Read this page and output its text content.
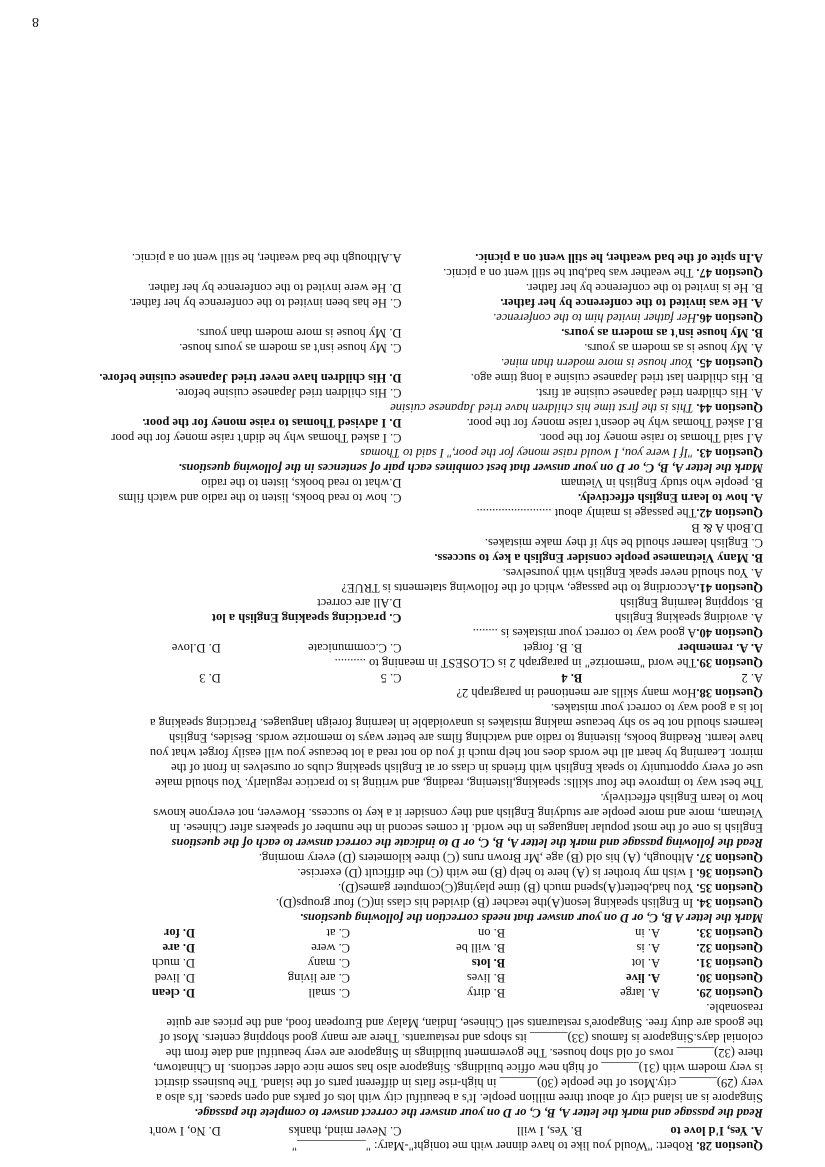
Question 28. Robert: "Would you like to have dinner with me tonight"-Mary: "___________"
A. Yes, I'd love to
B. Yes, I will
C. Never mind, thanks
D. No, I won't
Read the passage and mark the letter A, B, C, or D on your answer the correct answer to complete the passage.
Singapore is an island city of about three million people. It's a beautiful city with lots of parks and open spaces. It's also a
very (29)______ city.Most of the people (30)______ in high-rise flats in different parts of the island. The business district
is very modern with (31)______ of high new office buildings. Singapore also has some nice older sections. In Chinatown,
there (32)______ rows of old shop houses. The government buildings in Singapore are very beautiful and date from the
colonial days.Singapore is famous (33)______ its shops and restaurants. There are many good shopping centers. Most of
the goods are duty free. Singapore's restaurants sell Chinese, Indian, Malay and European food, and the prices are quite
reasonable.
Question 29.
A. large
B. dirty
C. small
D. clean
Question 30.
A. live
B. lives
C. are living
D. lived
Question 31.
A. lot
B. lots
C. many
D. much
Question 32.
A. is
B. will be
C. were
D. are
Question 33.
A. in
B. on
C. at
D. for
Mark the letter A B, C, or D on your answer that needs correction the following questions.
Question 34. In English speaking leson(A)the teacher (B) divided his class in(C) four groups(D).
Question 35. You had,better(A)spend much (B) time playing(C)computer games(D).
Question 36. I wish my brother is (A) here to help (B) me with (C) the difficult (D) exercise.
Question 37. Although, (A) his old (B) age ,Mr Brown runs (C) three kilometers (D) every morning.
Read the following passage and mark the letter A, B, C, or D to indicate the correct answer to each of the questions
English is one of the most popular languages in the world. It comes second in the number of speakers after Chinese. In
Vietnam, more and more people are studying English and they consider it a key to success. However, not everyone knows
how to learn English effectively.
The best way to improve the four skills: speaking,listening, reading, and writing is to practice regularly. You should make
use of every opportunity to speak English with friends in class or at English speaking clubs or ourselves in front of the
mirror. Learning by heart all the words does not help much if you do not read a lot because you will easily forget what you
have learnt. Reading books, listening to radio and watching films are better ways to memorize words. Besides, English
learners should not be so shy because making mistakes is unavoidable in learning foreign languages. Practicing speaking a
lot is a good way to correct your mistakes.
Question 38.How many skills are mentioned in paragraph 2?
A. 2
B. 4
C. 5
D. 3
Question 39.The word "memorize" in paragraph 2 is CLOSEST in meaning to ..........
A. A. remember
B. B. forget
C. C.communicate
D. D.love
Question 40.A good way to correct your mistakes is ........
A. avoiding speaking English
C. practicing speaking English a lot
B. stopping learning English
D.All are correct
Question 41.According to the passage, which of the following statements is TRUE?
A. You should never speak English with yourselves.
B. Many Vietnamese people consider English a key to success.
C. English learner should be shy if they make mistakes.
D.Both A & B
Question 42.The passage is mainly about ........................
A. how to learn English effectively.
C. how to read books, listen to the radio and watch films
B. people who study English in Vietnam
D.what to read books, listen to the radio
Mark the letter A, B, C, or D on your answer that best combines each pair of sentences in the following questions.
Question 43. "If I were you, I would raise money for the poor," I said to Thomas
A.I said Thomas to raise money for the poor.
C. I asked Thomas why he didn't raise money for the poor
B.I asked Thomas why he doesn't raise money for the poor.
D. I advised Thomas to raise money for the poor.
Question 44. This is the first time his children have tried Japanese cuisine
A. His children tried Japanese cuisine at first.
C. His children tried Japanese cuisine before.
B. His children last tried Japanese cuisine a long time ago.
D. His children have never tried Japanese cuisine before.
Question 45. Your house is more modern than mine.
A. My house is as modern as yours.
C. My house isn't as modern as yours house.
B. My house isn't as modern as yours.
D. My house is more modern than yours.
Question 46.Her father invited him to the conference.
A. He was invited to the conference by her father.
C. He has been invited to the conference by her father.
B. He is invited to the conference by her father.
D. He were invited to the conference by her father.
Question 47. The weather was bad,but he still went on a picnic.
A.In spite of the bad weather, he still went on a picnic.
A.Although the bad weather, he still went on a picnic.
8
